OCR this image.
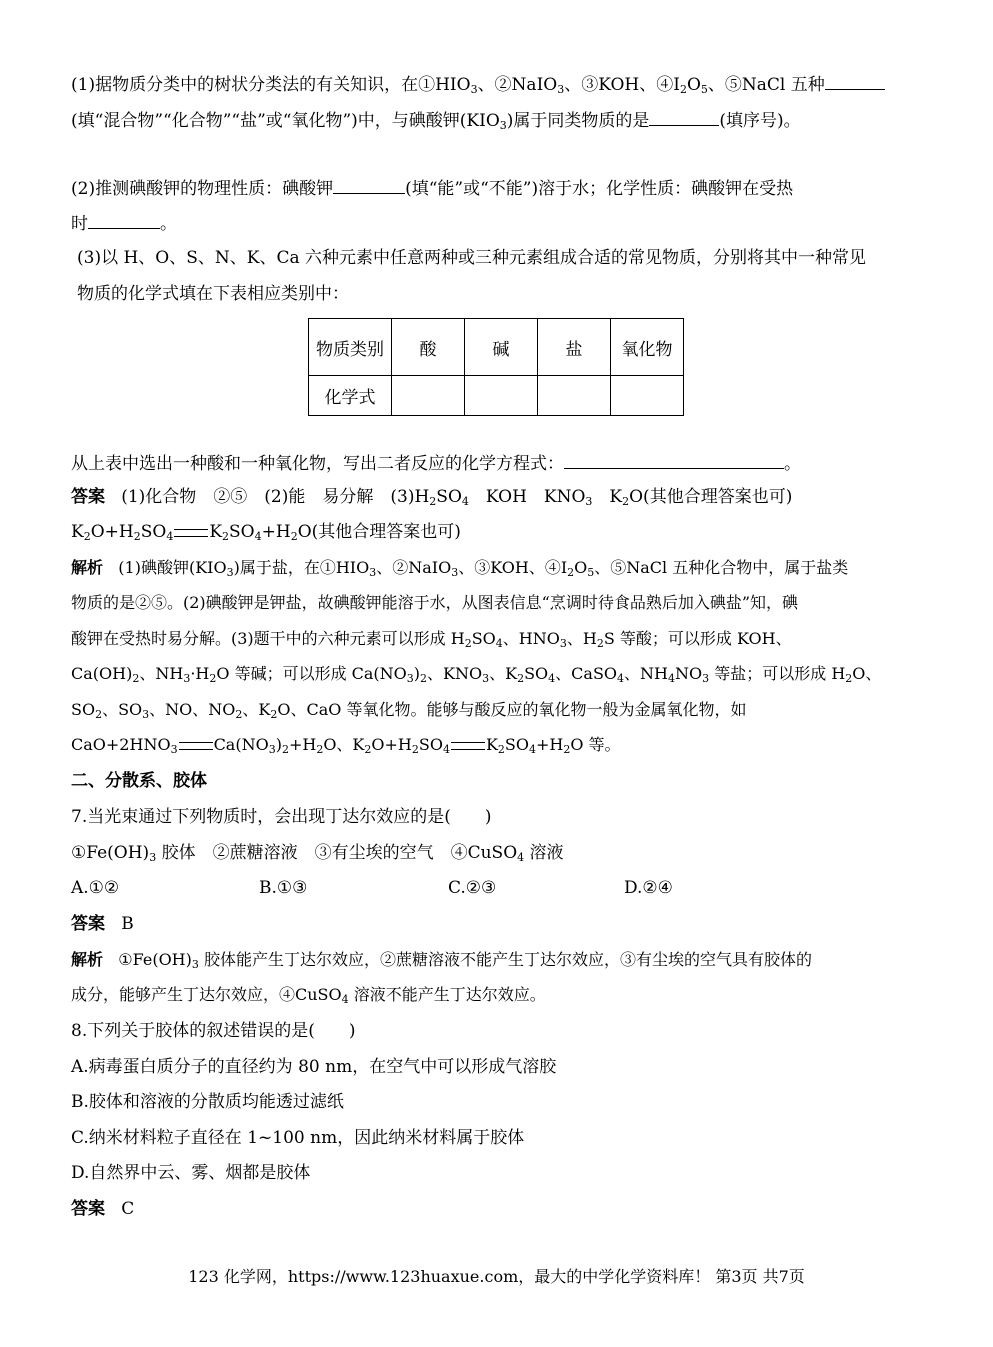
(1)据物质分类中的树状分类法的有关知识，在$①HIO_3$、②NaIO$_3$、③KOH、$④I_2O_5$、⑤NaCl 五种
(填“混合物”“化合物”“盐”或“氧化物”)中，与碘酸钾$(KIO_3)$属于同类物质的是	(填序号)。
(2)推测碘酸钾的物理性质：碘酸钾	(填“能”或“不能”)溶于水；化学性质：碘酸钾在受热
时	。
(3)以 H、O、S、N、K、Ca 六种元素中任意两种或三种元素组成合适的常见物质，分别将其中一种常见
物质的化学式填在下表相应类别中：
物质类别	酸	碱	盐	氧化物
化学式				
从上表中选出一种酸和一种氧化物，写出二者反应的化学方程式：	。
答案 (1)化合物　②⑤　(2)能　易分解　$(3)H_2SO_4$　KOH　$KNO_3$　$K_2O$(其他合理答案也可)
$K_2O+H_2SO_4$ $K_2SO_4+H_2O$(其他合理答案也可)
解析 (1)碘酸钾$(KIO_3)$属于盐，在$①HIO_3$、②NaIO$_3$、③KOH、$④I_2O_5$、⑤NaCl 五种化合物中，属于盐类
物质的是②⑤。(2)碘酸钾是钾盐，故碘酸钾能溶于水，从图表信息“烹调时待食品熟后加入碘盐”知，碘
酸钾在受热时易分解。(3)题干中的六种元素可以形成 $H_2SO_4$、$HNO_3$、$H_2S$ 等酸；可以形成 KOH、
$Ca(OH)_2$、$NH_3\cdot H_2O$ 等碱；可以形成 $Ca(NO_3)_2$、$KNO_3$、$K_2SO_4$、CaSO$_4$、$NH_4NO_3$ 等盐；可以形成 $H_2O$、
$SO_2$、$SO_3$、NO、$NO_2$、$K_2O$、CaO 等氧化物。能够与酸反应的氧化物一般为金属氧化物，如
$CaO+2HNO_3$ $Ca(NO_3)_2+H_2O$、$K_2O+H_2SO_4$ $K_2SO_4+H_2O$ 等。
二、分散系、胶体
7.当光束通过下列物质时，会出现丁达尔效应的是(　　)
$①Fe(OH)_3$ 胶体　②蔗糖溶液　③有尘埃的空气　④CuSO$_4$ 溶液
A.①②	B.①③	C.②③	D.②④
答案 B
解析 $①Fe(OH)_3$ 胶体能产生丁达尔效应，②蔗糖溶液不能产生丁达尔效应，③有尘埃的空气具有胶体的
成分，能够产生丁达尔效应，④CuSO$_4$ 溶液不能产生丁达尔效应。
8.下列关于胶体的叙述错误的是(　　)
A.病毒蛋白质分子的直径约为 80 nm，在空气中可以形成气溶胶
B.胶体和溶液的分散质均能透过滤纸
C.纳米材料粒子直径在 1~100 nm，因此纳米材料属于胶体
D.自然界中云、雾、烟都是胶体
答案 C
123 化学网，https://www.123huaxue.com，最大的中学化学资料库！ 第3页 共7页
